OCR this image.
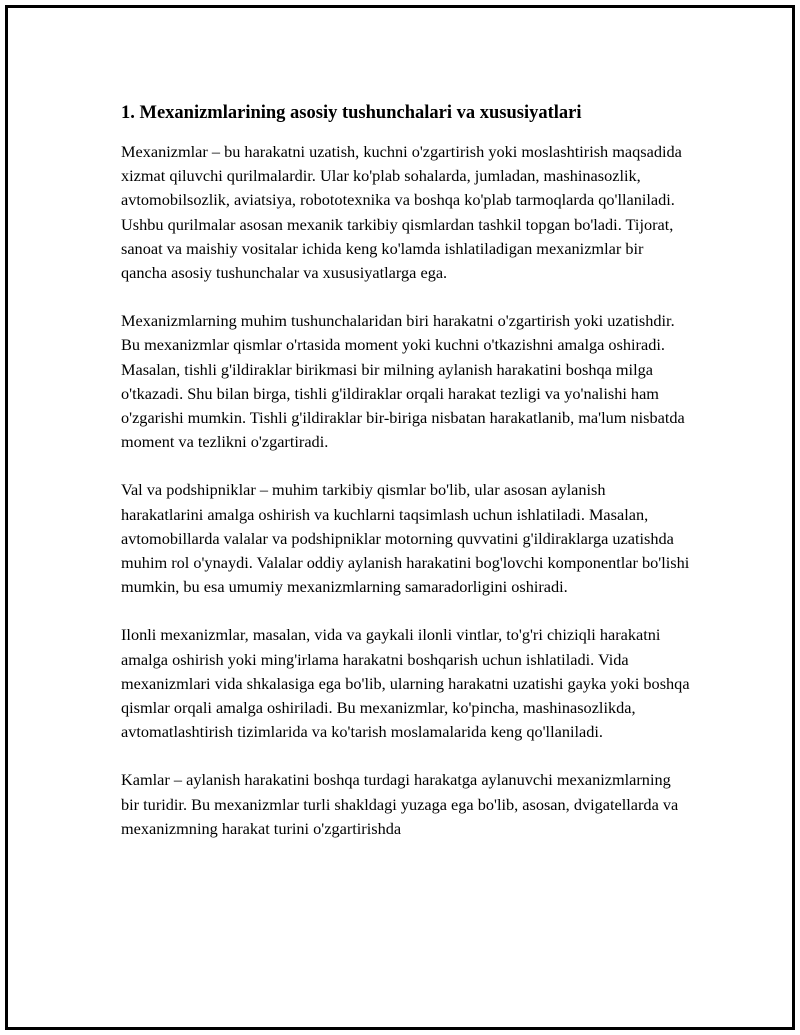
1. Mexanizmlarining asosiy tushunchalari va xususiyatlari

Mexanizmlar – bu harakatni uzatish, kuchni o'zgartirish yoki moslashtirish maqsadida xizmat qiluvchi qurilmalardir. Ular ko'plab sohalarda, jumladan, mashinasozlik, avtomobilsozlik, aviatsiya, robototexnika va boshqa ko'plab tarmoqlarda qo'llaniladi. Ushbu qurilmalar asosan mexanik tarkibiy qismlardan tashkil topgan bo'ladi. Tijorat, sanoat va maishiy vositalar ichida keng ko'lamda ishlatiladigan mexanizmlar bir qancha asosiy tushunchalar va xususiyatlarga ega.

Mexanizmlarning muhim tushunchalaridan biri harakatni o'zgartirish yoki uzatishdir. Bu mexanizmlar qismlar o'rtasida moment yoki kuchni o'tkazishni amalga oshiradi. Masalan, tishli g'ildiraklar birikmasi bir milning aylanish harakatini boshqa milga o'tkazadi. Shu bilan birga, tishli g'ildiraklar orqali harakat tezligi va yo'nalishi ham o'zgarishi mumkin. Tishli g'ildiraklar bir-biriga nisbatan harakatlanib, ma'lum nisbatda moment va tezlikni o'zgartiradi.

Val va podshipniklar – muhim tarkibiy qismlar bo'lib, ular asosan aylanish harakatlarini amalga oshirish va kuchlarni taqsimlash uchun ishlatiladi. Masalan, avtomobillarda valalar va podshipniklar motorning quvvatini g'ildiraklarga uzatishda muhim rol o'ynaydi. Valalar oddiy aylanish harakatini bog'lovchi komponentlar bo'lishi mumkin, bu esa umumiy mexanizmlarning samaradorligini oshiradi.

Ilonli mexanizmlar, masalan, vida va gaykali ilonli vintlar, to'g'ri chiziqli harakatni amalga oshirish yoki ming'irlama harakatni boshqarish uchun ishlatiladi. Vida mexanizmlari vida shkalasiga ega bo'lib, ularning harakatni uzatishi gayka yoki boshqa qismlar orqali amalga oshiriladi. Bu mexanizmlar, ko'pincha, mashinasozlikda, avtomatlashtirish tizimlarida va ko'tarish moslamalarida keng qo'llaniladi.

Kamlar – aylanish harakatini boshqa turdagi harakatga aylanuvchi mexanizmlarning bir turidir. Bu mexanizmlar turli shakldagi yuzaga ega bo'lib, asosan, dvigatellarda va mexanizmning harakat turini o'zgartirishda
